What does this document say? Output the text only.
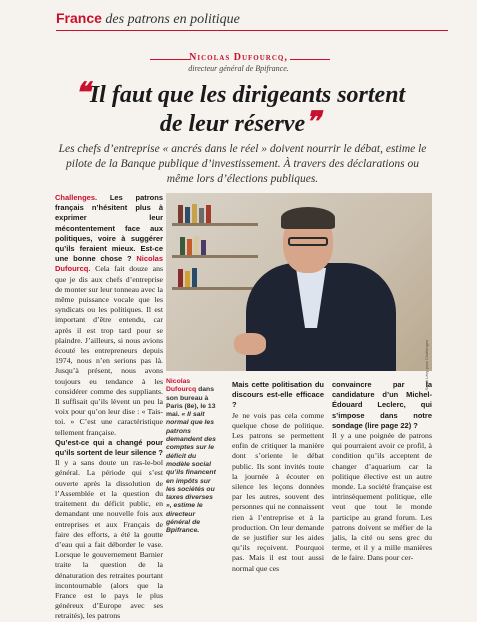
France des patrons en politique
Nicolas Dufourcq,
directeur général de Bpifrance.
❝Il faut que les dirigeants sortent de leur réserve❞
Les chefs d’entreprise « ancrés dans le réel » doivent nourrir le débat, estime le pilote de la Banque publique d’investissement. À travers des déclarations ou même lors d’élections publiques.
Challenges. Les patrons français n’hésitent plus à exprimer leur mécontentement face aux politiques, voire à suggérer qu’ils feraient mieux. Est-ce une bonne chose ? Nicolas Dufourcq. Cela fait douze ans que je dis aux chefs d’entreprise de monter sur leur tonneau avec la même puissance vocale que les syndicats ou les politiques. Il est important d’être entendu, car après il est trop tard pour se plaindre. J’ailleurs, si nous avions écouté les entrepreneurs depuis 1974, nous n’en serions pas là. Jusqu’à présent, nous avons toujours eu tendance à les considérer comme des suppliants. Il suffisait qu’ils lèvent un peu la voix pour qu’on leur dise : « Tais-toi. » C’est une caractéristique tellement française.
Qu’est-ce qui a changé pour qu’ils sortent de leur silence ?
Il y a sans doute un ras-le-bol général. La période qui s’est ouverte après la dissolution de l’Assemblée et la question du traitement du déficit public, en demandant une nouvelle fois aux entreprises et aux Français de faire des efforts, a été la goutte d’eau qui a fait déborder le vase. Lorsque le gouvernement Barnier traite la question de la dénaturation des retraites pourtant incontournable (alors que la France est le pays le plus généreux d’Europe avec ses retraités), les patrons
Sarah Lèvy pour Challenges
Nicolas Dufourcq dans son bureau à Paris (8e), le 13 mai. « Il sait normal que les patrons demandent des comptes sur le déficit du modèle social qu’ils financent en impôts sur les sociétés ou taxes diverses », estime le directeur général de Bpifrance.
Mais cette politisation du discours est-elle efficace ?
Je ne vois pas cela comme quelque chose de politique. Les patrons se permettent enfin de critiquer la manière dont s’oriente le débat public. Ils sont invités toute la journée à écouter en silence les leçons données par les autres, souvent des personnes qui ne connaissent rien à l’entreprise et à la production. On leur demande de se justifier sur les aides qu’ils reçoivent. Pourquoi pas. Mais il est tout aussi normal que ces
convaincre par la candidature d’un Michel-Édouard Leclerc, qui s’impose dans notre sondage (lire page 22) ?
Il y a une poignée de patrons qui pourraient avoir ce profil, à condition qu’ils acceptent de changer d’aquarium car la politique élective est un autre monde. La société française est intrinsèquement politique, elle veut que tout le monde participe au grand forum. Les patrons doivent se méfier de la jalis, la cité ou sens grec du terme, et il y a mille manières de le faire. Dans pour cer-
